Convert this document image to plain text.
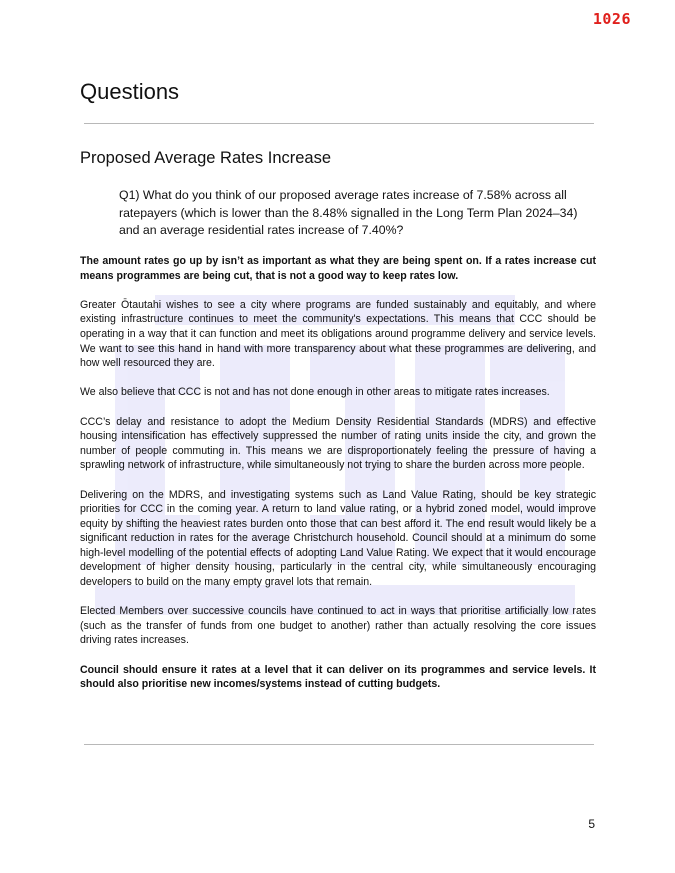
1026
Questions
Proposed Average Rates Increase

Q1) What do you think of our proposed average rates increase of 7.58% across all ratepayers (which is lower than the 8.48% signalled in the Long Term Plan 2024–34) and an average residential rates increase of 7.40%?

The amount rates go up by isn’t as important as what they are being spent on. If a rates increase cut means programmes are being cut, that is not a good way to keep rates low.

Greater Ōtautahi wishes to see a city where programs are funded sustainably and equitably, and where existing infrastructure continues to meet the community's expectations. This means that CCC should be operating in a way that it can function and meet its obligations around programme delivery and service levels. We want to see this hand in hand with more transparency about what these programmes are delivering, and how well resourced they are.

We also believe that CCC is not and has not done enough in other areas to mitigate rates increases.

CCC’s delay and resistance to adopt the Medium Density Residential Standards (MDRS) and effective housing intensification has effectively suppressed the number of rating units inside the city, and grown the number of people commuting in. This means we are disproportionately feeling the pressure of having a sprawling network of infrastructure, while simultaneously not trying to share the burden across more people.

Delivering on the MDRS, and investigating systems such as Land Value Rating, should be key strategic priorities for CCC in the coming year. A return to land value rating, or a hybrid zoned model, would improve equity by shifting the heaviest rates burden onto those that can best afford it. The end result would likely be a significant reduction in rates for the average Christchurch household. Council should at a minimum do some high-level modelling of the potential effects of adopting Land Value Rating. We expect that it would encourage development of higher density housing, particularly in the central city, while simultaneously encouraging developers to build on the many empty gravel lots that remain.

Elected Members over successive councils have continued to act in ways that prioritise artificially low rates (such as the transfer of funds from one budget to another) rather than actually resolving the core issues driving rates increases.

Council should ensure it rates at a level that it can deliver on its programmes and service levels. It should also prioritise new incomes/systems instead of cutting budgets.

5
